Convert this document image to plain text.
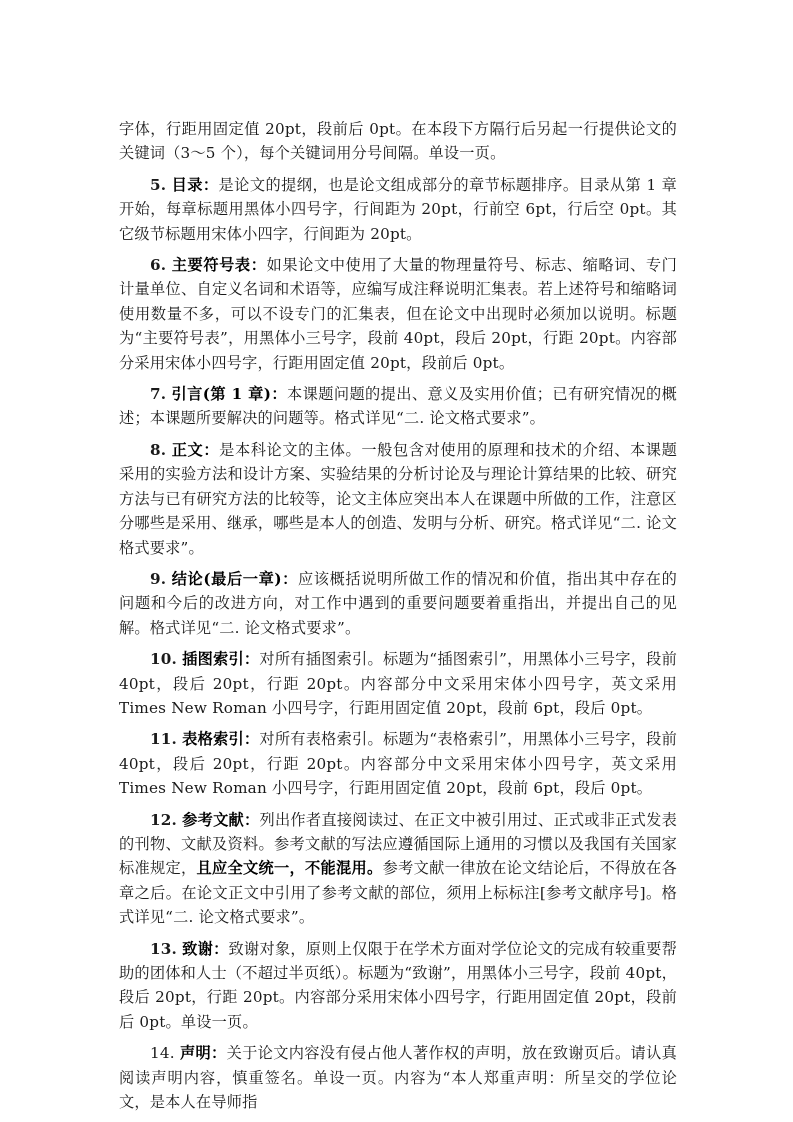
字体，行距用固定值 20pt，段前后 0pt。在本段下方隔行后另起一行提供论文的关键词（3～5 个），每个关键词用分号间隔。单设一页。

5. 目录：是论文的提纲，也是论文组成部分的章节标题排序。目录从第 1 章开始，每章标题用黑体小四号字，行间距为 20pt，行前空 6pt，行后空 0pt。其它级节标题用宋体小四字，行间距为 20pt。

6. 主要符号表：如果论文中使用了大量的物理量符号、标志、缩略词、专门计量单位、自定义名词和术语等，应编写成注释说明汇集表。若上述符号和缩略词使用数量不多，可以不设专门的汇集表，但在论文中出现时必须加以说明。标题为“主要符号表”，用黑体小三号字，段前 40pt，段后 20pt，行距 20pt。内容部分采用宋体小四号字，行距用固定值 20pt，段前后 0pt。

7. 引言(第 1 章)：本课题问题的提出、意义及实用价值；已有研究情况的概述；本课题所要解决的问题等。格式详见“二. 论文格式要求”。

8. 正文：是本科论文的主体。一般包含对使用的原理和技术的介绍、本课题采用的实验方法和设计方案、实验结果的分析讨论及与理论计算结果的比较、研究方法与已有研究方法的比较等，论文主体应突出本人在课题中所做的工作，注意区分哪些是采用、继承，哪些是本人的创造、发明与分析、研究。格式详见“二. 论文格式要求”。

9. 结论(最后一章)：应该概括说明所做工作的情况和价值，指出其中存在的问题和今后的改进方向，对工作中遇到的重要问题要着重指出，并提出自己的见解。格式详见“二. 论文格式要求”。

10. 插图索引：对所有插图索引。标题为“插图索引”，用黑体小三号字，段前 40pt，段后 20pt，行距 20pt。内容部分中文采用宋体小四号字，英文采用 Times New Roman 小四号字，行距用固定值 20pt，段前 6pt，段后 0pt。

11. 表格索引：对所有表格索引。标题为“表格索引”，用黑体小三号字，段前 40pt，段后 20pt，行距 20pt。内容部分中文采用宋体小四号字，英文采用 Times New Roman 小四号字，行距用固定值 20pt，段前 6pt，段后 0pt。

12. 参考文献：列出作者直接阅读过、在正文中被引用过、正式或非正式发表的刊物、文献及资料。参考文献的写法应遵循国际上通用的习惯以及我国有关国家标准规定，且应全文统一，不能混用。参考文献一律放在论文结论后，不得放在各章之后。在论文正文中引用了参考文献的部位，须用上标标注[参考文献序号]。格式详见“二. 论文格式要求”。

13. 致谢：致谢对象，原则上仅限于在学术方面对学位论文的完成有较重要帮助的团体和人士（不超过半页纸）。标题为“致谢”，用黑体小三号字，段前 40pt，段后 20pt，行距 20pt。内容部分采用宋体小四号字，行距用固定值 20pt，段前后 0pt。单设一页。

14. 声明：关于论文内容没有侵占他人著作权的声明，放在致谢页后。请认真阅读声明内容，慎重签名。单设一页。内容为“本人郑重声明：所呈交的学位论文，是本人在导师指
